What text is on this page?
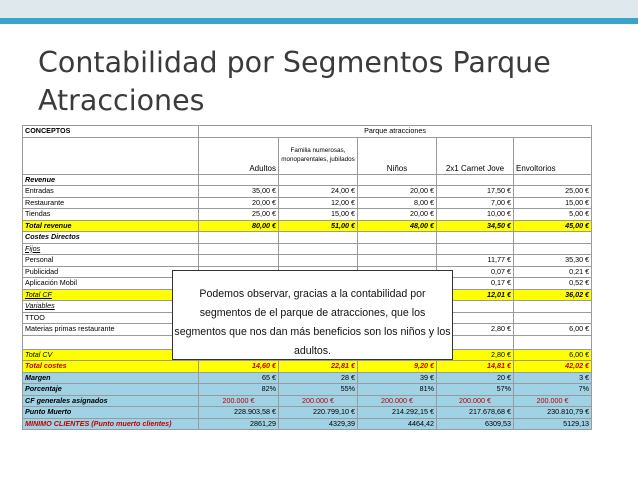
Contabilidad por Segmentos Parque Atracciones
CONCEPTOS	Parque atracciones				
	Adultos	Familia numerosas, monoparentales, jubilados	Niños	2x1 Carnet Jove	Envoltorios
Revenue					
Entradas	35,00 €	24,00 €	20,00 €	17,50 €	25,00 €
Restaurante	20,00 €	12,00 €	8,00 €	7,00 €	15,00 €
Tiendas	25,00 €	15,00 €	20,00 €	10,00 €	5,00 €
Total revenue	80,00 €	51,00 €	48,00 €	34,50 €	45,00 €
Costes Directos					
Fijos					
Personal				11,77 €	35,30 €
Publicidad				0,07 €	0,21 €
Aplicación Mobil				0,17 €	0,52 €
Total CF				12,01 €	36,02 €
Variables					
TTOO					
Materias primas restaurante				2,80 €	6,00 €

Total CV				2,80 €	6,00 €
Total costes	14,60 €	22,81 €	9,20 €	14,81 €	42,02 €
Margen	65 €	28 €	39 €	20 €	3 €
Porcentaje	82%	55%	81%	57%	7%
CF generales asignados	200.000 €	200.000 €	200.000 €	200.000 €	200.000 €
Punto Muerto	228.903,58 €	220.799,10 €	214.292,15 €	217.678,68 €	230.810,79 €
MINIMO CLIENTES (Punto muerto clientes)	2861,29	4329,39	4464,42	6309,53	5129,13
Podemos observar, gracias a la contabilidad por segmentos de el parque de atracciones, que los segmentos que nos dan más beneficios son los niños y los adultos.
